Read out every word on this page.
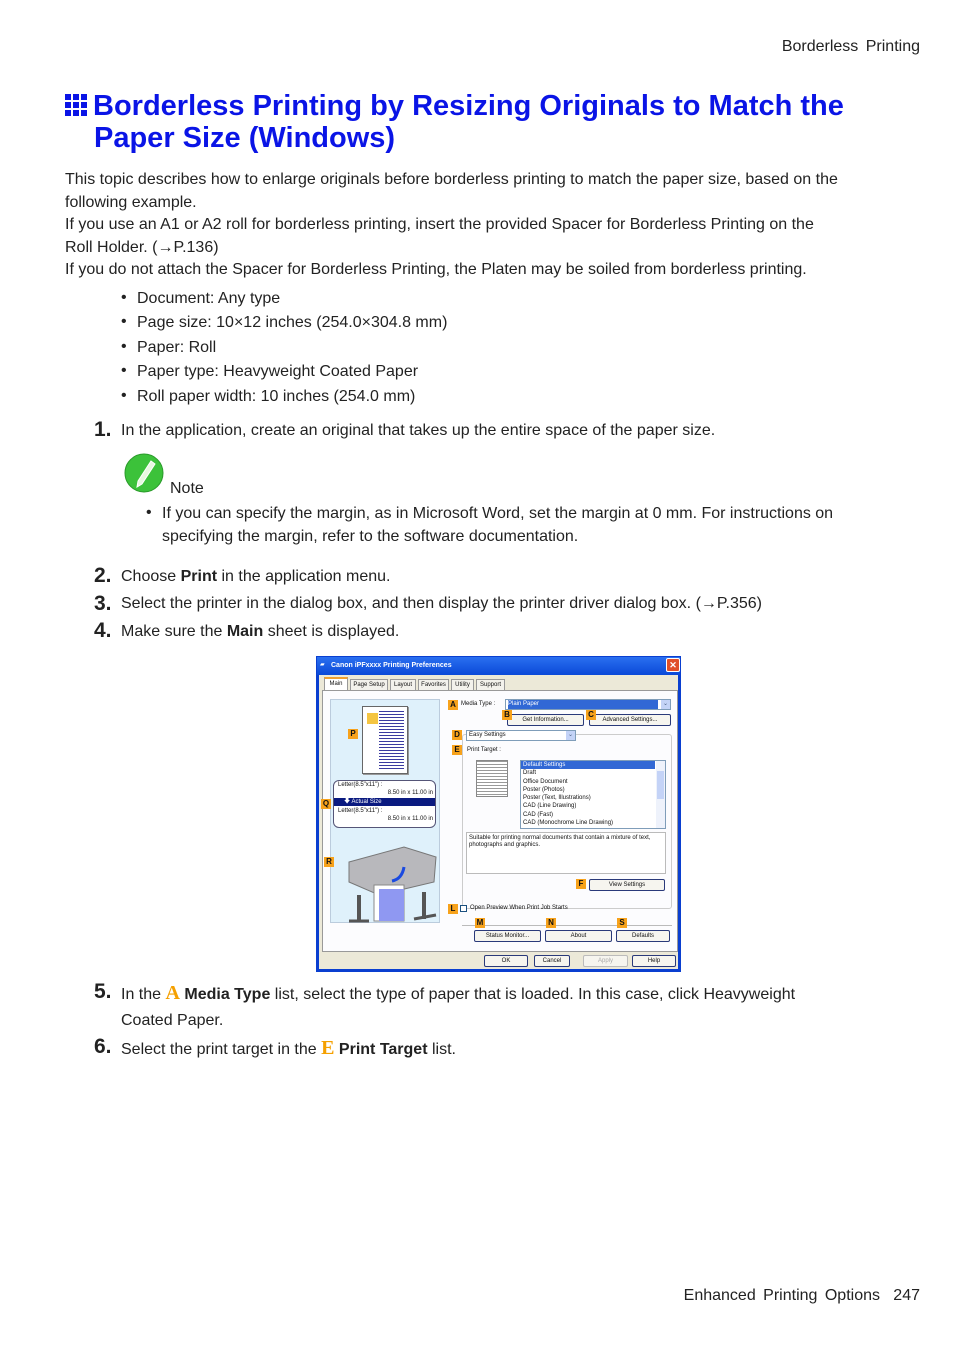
Borderless Printing
Borderless Printing by Resizing Originals to Match the
Paper Size (Windows)
This topic describes how to enlarge originals before borderless printing to match the paper size, based on the
following example.
If you use an A1 or A2 roll for borderless printing, insert the provided Spacer for Borderless Printing on the
Roll Holder. (→P.136)
If you do not attach the Spacer for Borderless Printing, the Platen may be soiled from borderless printing.
• Document: Any type
• Page size: 10×12 inches (254.0×304.8 mm)
• Paper: Roll
• Paper type: Heavyweight Coated Paper
• Roll paper width: 10 inches (254.0 mm)
1. In the application, create an original that takes up the entire space of the paper size.
Note
• If you can specify the margin, as in Microsoft Word, set the margin at 0 mm. For instructions on
specifying the margin, refer to the software documentation.
2. Choose Print in the application menu.
3. Select the printer in the dialog box, and then display the printer driver dialog box. (→P.356)
4. Make sure the Main sheet is displayed.
Canon iPFxxxx Printing Preferences
▰	✕
Main	Page Setup	Layout	Favorites	Utility	Support
P
Letter(8.5"x11") :
8.50 in x 11.00 in
🡇 Actual Size
Letter(8.5"x11") :
8.50 in x 11.00 in
Q
R
A Media Type :	Plain Paper	⌄
Get Information...
B
Advanced Settings...
C
D	Easy Settings	⌄
E	Print Target :
Default Settings
Draft
Office Document
Poster (Photos)
Poster (Text, Illustrations)
CAD (Line Drawing)
CAD (Fast)
CAD (Monochrome Line Drawing)
Suitable for printing normal documents that contain a mixture of text, photographs and graphics.
View Settings
F
L	Open Preview When Print Job Starts
Status Monitor...
M
About
N
Defaults
S
OK	Cancel	Apply	Help
5. In the A Media Type list, select the type of paper that is loaded. In this case, click Heavyweight
Coated Paper.
6. Select the print target in the E Print Target list.
Enhanced Printing Options 247
